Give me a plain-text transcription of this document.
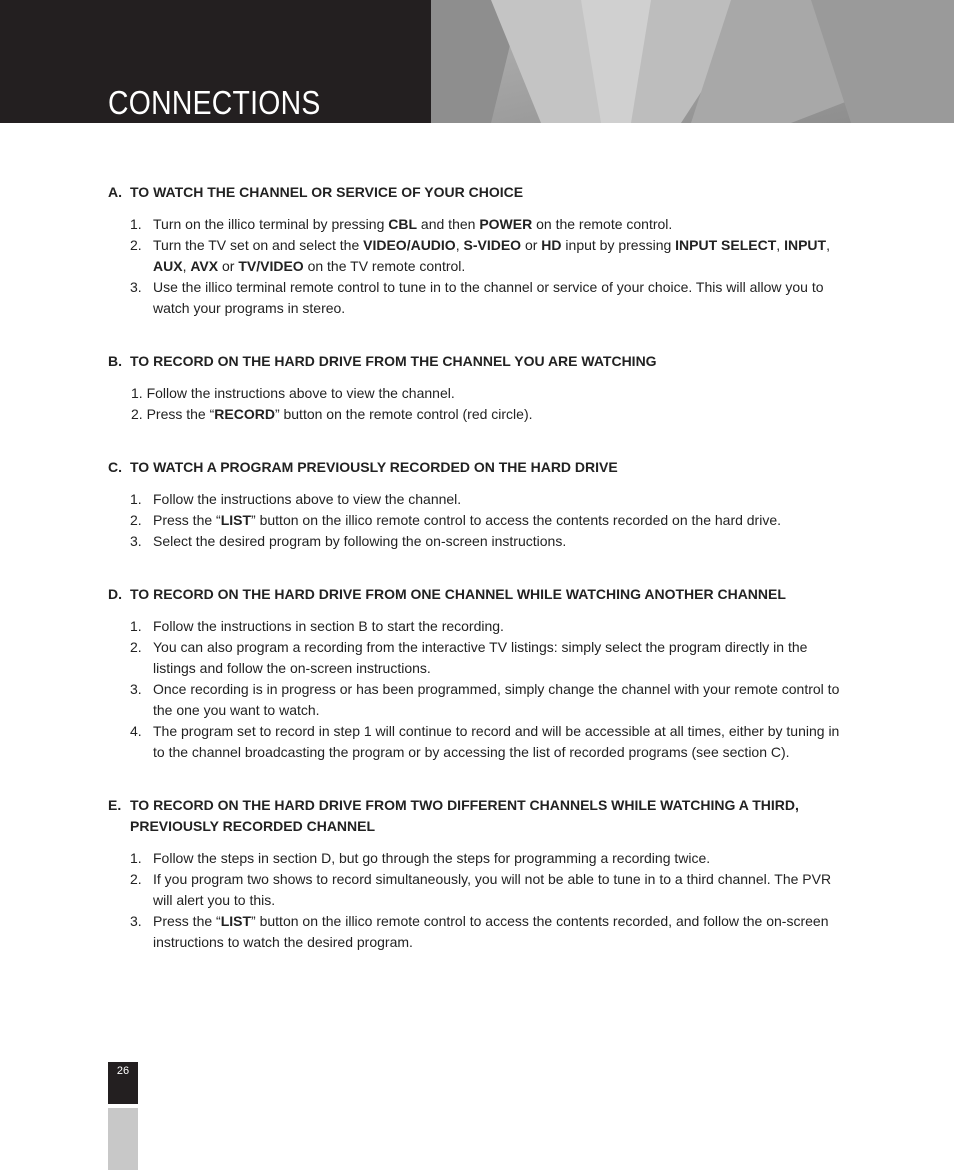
CONNECTIONS
A. TO WATCH THE CHANNEL OR SERVICE OF YOUR CHOICE
1. Turn on the illico terminal by pressing CBL and then POWER on the remote control.
2. Turn the TV set on and select the VIDEO/AUDIO, S-VIDEO or HD input by pressing INPUT SELECT, INPUT, AUX, AVX or TV/VIDEO on the TV remote control.
3. Use the illico terminal remote control to tune in to the channel or service of your choice. This will allow you to watch your programs in stereo.
B. TO RECORD ON THE HARD DRIVE FROM THE CHANNEL YOU ARE WATCHING
1. Follow the instructions above to view the channel.
2. Press the “RECORD” button on the remote control (red circle).
C. TO WATCH A PROGRAM PREVIOUSLY RECORDED ON THE HARD DRIVE
1. Follow the instructions above to view the channel.
2. Press the “LIST” button on the illico remote control to access the contents recorded on the hard drive.
3. Select the desired program by following the on-screen instructions.
D. TO RECORD ON THE HARD DRIVE FROM ONE CHANNEL WHILE WATCHING ANOTHER CHANNEL
1. Follow the instructions in section B to start the recording.
2. You can also program a recording from the interactive TV listings: simply select the program directly in the listings and follow the on-screen instructions.
3. Once recording is in progress or has been programmed, simply change the channel with your remote control to the one you want to watch.
4. The program set to record in step 1 will continue to record and will be accessible at all times, either by tuning in to the channel broadcasting the program or by accessing the list of recorded programs (see section C).
E. TO RECORD ON THE HARD DRIVE FROM TWO DIFFERENT CHANNELS WHILE WATCHING A THIRD, PREVIOUSLY RECORDED CHANNEL
1. Follow the steps in section D, but go through the steps for programming a recording twice.
2. If you program two shows to record simultaneously, you will not be able to tune in to a third channel. The PVR will alert you to this.
3. Press the “LIST” button on the illico remote control to access the contents recorded, and follow the on-screen instructions to watch the desired program.
26
